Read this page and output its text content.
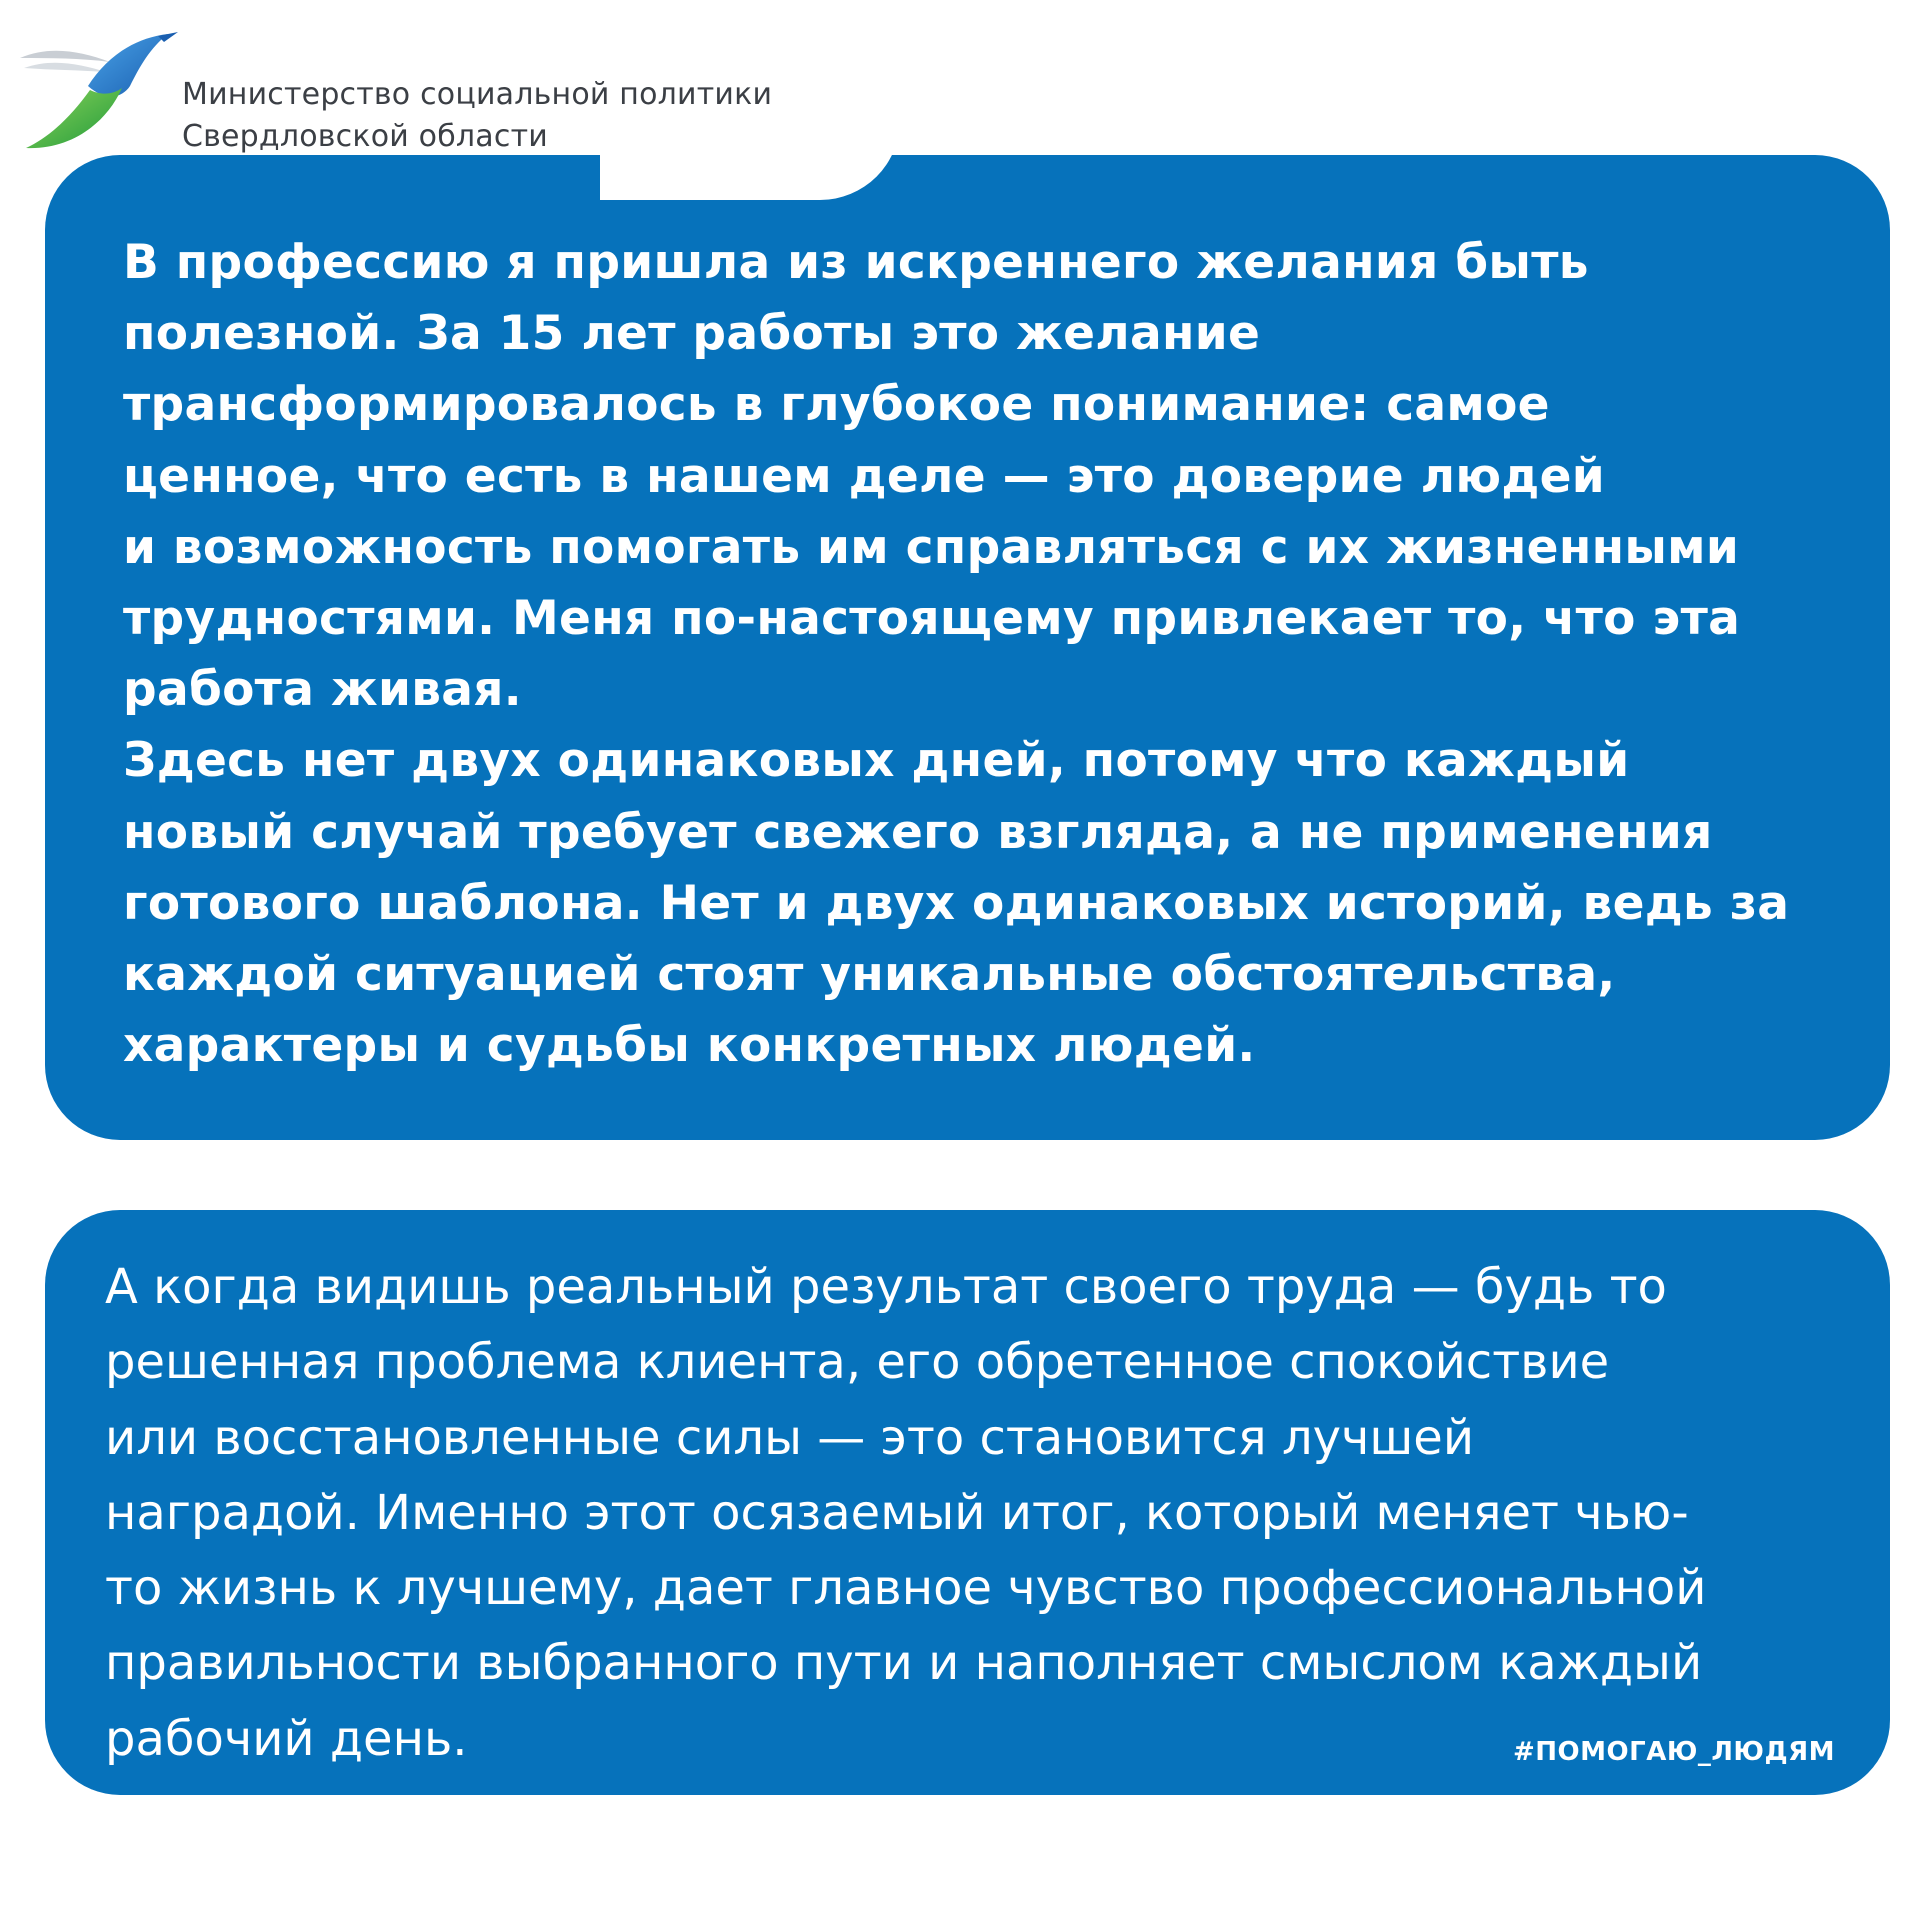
Министерство социальной политики
Свердловской области
В профессию я пришла из искреннего желания быть
полезной. За 15 лет работы это желание
трансформировалось в глубокое понимание: самое
ценное, что есть в нашем деле — это доверие людей
и возможность помогать им справляться с их жизненными
трудностями. Меня по-настоящему привлекает то, что эта
работа живая.
Здесь нет двух одинаковых дней, потому что каждый
новый случай требует свежего взгляда, а не применения
готового шаблона. Нет и двух одинаковых историй, ведь за
каждой ситуацией стоят уникальные обстоятельства,
характеры и судьбы конкретных людей.
А когда видишь реальный результат своего труда — будь то
решенная проблема клиента, его обретенное спокойствие
или восстановленные силы — это становится лучшей
наградой. Именно этот осязаемый итог, который меняет чью-
то жизнь к лучшему, дает главное чувство профессиональной
правильности выбранного пути и наполняет смыслом каждый
рабочий день.	#ПОМОГАЮ_ЛЮДЯМ
